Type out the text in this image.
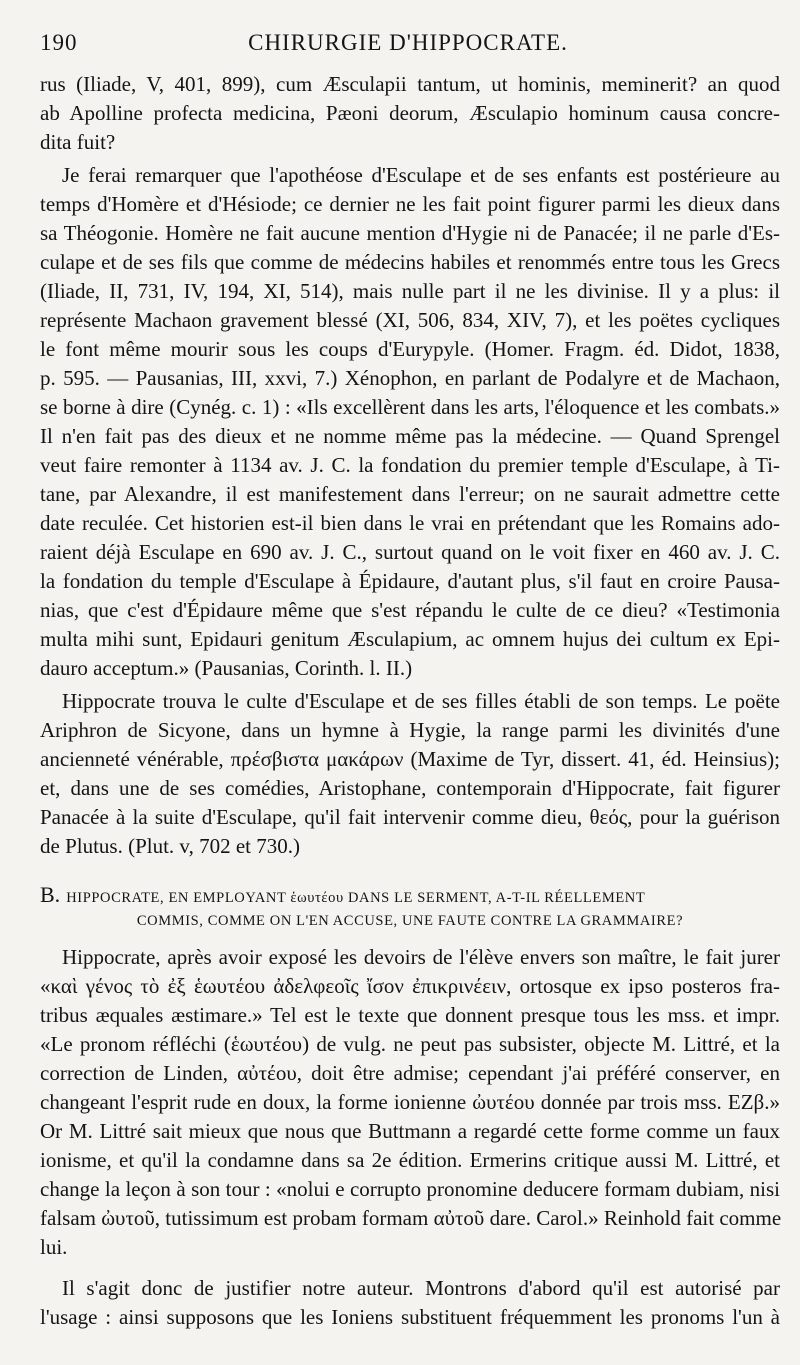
190	CHIRURGIE D'HIPPOCRATE.

rus (Iliade, V, 401, 899), cum Æsculapii tantum, ut hominis, meminerit? an quod
ab Apolline profecta medicina, Pæoni deorum, Æsculapio hominum causa concre-
dita fuit?

Je ferai remarquer que l'apothéose d'Esculape et de ses enfants est postérieure au
temps d'Homère et d'Hésiode; ce dernier ne les fait point figurer parmi les dieux dans
sa Théogonie. Homère ne fait aucune mention d'Hygie ni de Panacée; il ne parle d'Es-
culape et de ses fils que comme de médecins habiles et renommés entre tous les Grecs
(Iliade, II, 731, IV, 194, XI, 514), mais nulle part il ne les divinise. Il y a plus: il
représente Machaon gravement blessé (XI, 506, 834, XIV, 7), et les poëtes cycliques
le font même mourir sous les coups d'Eurypyle. (Homer. Fragm. éd. Didot, 1838,
p. 595. — Pausanias, III, xxvi, 7.) Xénophon, en parlant de Podalyre et de Machaon,
se borne à dire (Cynég. c. 1) : «Ils excellèrent dans les arts, l'éloquence et les combats.»
Il n'en fait pas des dieux et ne nomme même pas la médecine. — Quand Sprengel
veut faire remonter à 1134 av. J. C. la fondation du premier temple d'Esculape, à Ti-
tane, par Alexandre, il est manifestement dans l'erreur; on ne saurait admettre cette
date reculée. Cet historien est-il bien dans le vrai en prétendant que les Romains ado-
raient déjà Esculape en 690 av. J. C., surtout quand on le voit fixer en 460 av. J. C.
la fondation du temple d'Esculape à Épidaure, d'autant plus, s'il faut en croire Pausa-
nias, que c'est d'Épidaure même que s'est répandu le culte de ce dieu? «Testimonia
multa mihi sunt, Epidauri genitum Æsculapium, ac omnem hujus dei cultum ex Epi-
dauro acceptum.» (Pausanias, Corinth. l. II.)

Hippocrate trouva le culte d'Esculape et de ses filles établi de son temps. Le poëte
Ariphron de Sicyone, dans un hymne à Hygie, la range parmi les divinités d'une
ancienneté vénérable, πρέσβιστα μακάρων (Maxime de Tyr, dissert. 41, éd. Heinsius);
et, dans une de ses comédies, Aristophane, contemporain d'Hippocrate, fait figurer
Panacée à la suite d'Esculape, qu'il fait intervenir comme dieu, θεός, pour la guérison
de Plutus. (Plut. v, 702 et 730.)

B. HIPPOCRATE, EN EMPLOYANT ἑωυτέου DANS LE SERMENT, A-T-IL RÉELLEMENT
COMMIS, COMME ON L'EN ACCUSE, UNE FAUTE CONTRE LA GRAMMAIRE?

Hippocrate, après avoir exposé les devoirs de l'élève envers son maître, le fait jurer
«καὶ γένος τὸ ἐξ ἑωυτέου ἀδελφεοῖς ἴσον ἐπικρινέειν, ortosque ex ipso posteros fra-
tribus æquales æstimare.» Tel est le texte que donnent presque tous les mss. et impr.
«Le pronom réfléchi (ἑωυτέου) de vulg. ne peut pas subsister, objecte M. Littré, et la
correction de Linden, αὐτέου, doit être admise; cependant j'ai préféré conserver, en
changeant l'esprit rude en doux, la forme ionienne ὠυτέου donnée par trois mss. EZβ.»
Or M. Littré sait mieux que nous que Buttmann a regardé cette forme comme un faux
ionisme, et qu'il la condamne dans sa 2e édition. Ermerins critique aussi M. Littré, et
change la leçon à son tour : «nolui e corrupto pronomine deducere formam dubiam, nisi
falsam ὠυτοῦ, tutissimum est probam formam αὐτοῦ dare. Carol.» Reinhold fait comme
lui.

Il s'agit donc de justifier notre auteur. Montrons d'abord qu'il est autorisé par
l'usage : ainsi supposons que les Ioniens substituent fréquemment les pronoms l'un à
